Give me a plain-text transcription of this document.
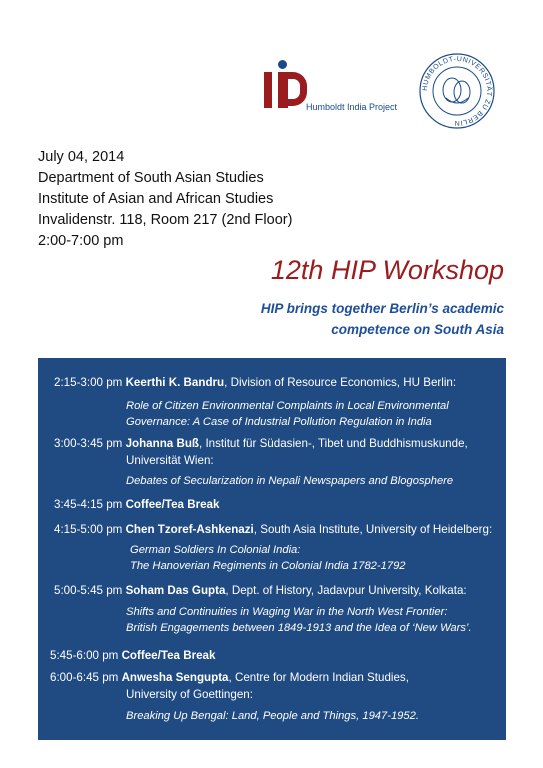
Humboldt India Project
HUMBOLDT-UNIVERSITÄT ZU BERLIN
July 04, 2014
Department of South Asian Studies
Institute of Asian and African Studies
Invalidenstr. 118, Room 217 (2nd Floor)
2:00-7:00 pm
12th HIP Workshop
HIP brings together Berlin’s academic
competence on South Asia
2:15-3:00 pm Keerthi K. Bandru, Division of Resource Economics, HU Berlin:
Role of Citizen Environmental Complaints in Local Environmental
Governance: A Case of Industrial Pollution Regulation in India
3:00-3:45 pm Johanna Buß, Institut für Südasien-, Tibet und Buddhismuskunde,
Universität Wien:
Debates of Secularization in Nepali Newspapers and Blogosphere
3:45-4:15 pm Coffee/Tea Break
4:15-5:00 pm Chen Tzoref-Ashkenazi, South Asia Institute, University of Heidelberg:
German Soldiers In Colonial India:
The Hanoverian Regiments in Colonial India 1782-1792
5:00-5:45 pm Soham Das Gupta, Dept. of History, Jadavpur University, Kolkata:
Shifts and Continuities in Waging War in the North West Frontier:
British Engagements between 1849-1913 and the Idea of ‘New Wars’.
5:45-6:00 pm Coffee/Tea Break
6:00-6:45 pm Anwesha Sengupta, Centre for Modern Indian Studies,
University of Goettingen:
Breaking Up Bengal: Land, People and Things, 1947-1952.
